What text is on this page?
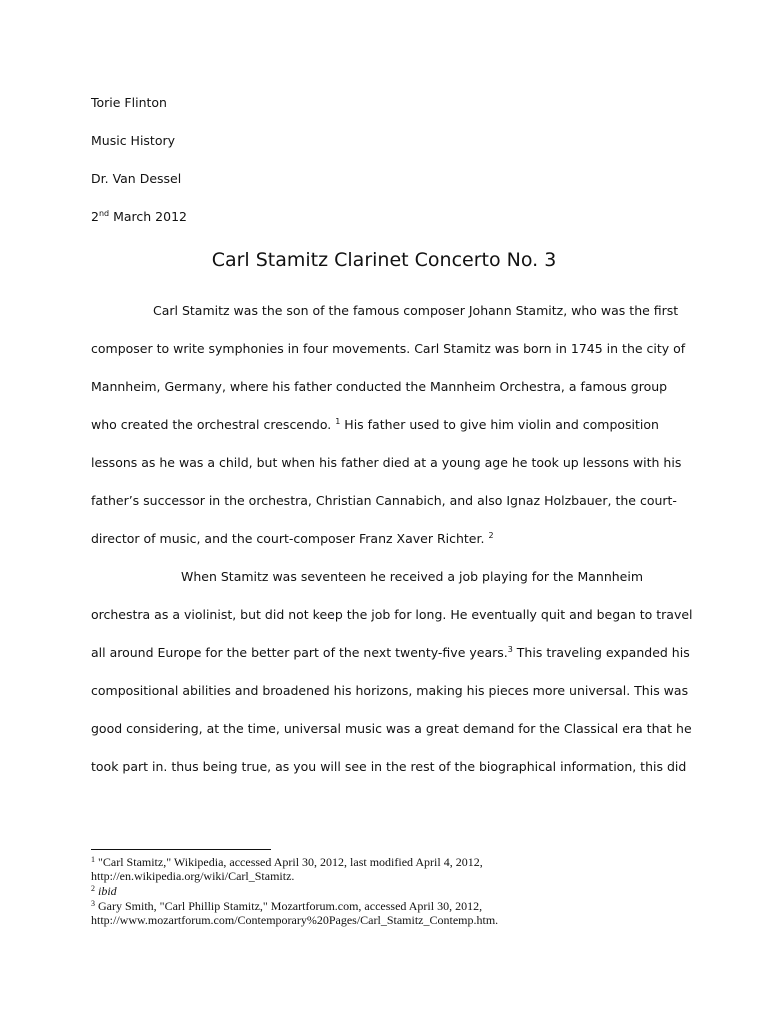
Torie Flinton
Music History
Dr. Van Dessel
2nd March 2012
Carl Stamitz Clarinet Concerto No. 3
Carl Stamitz was the son of the famous composer Johann Stamitz, who was the first
composer to write symphonies in four movements. Carl Stamitz was born in 1745 in the city of
Mannheim, Germany, where his father conducted the Mannheim Orchestra, a famous group
who created the orchestral crescendo. $^1$ His father used to give him violin and composition
lessons as he was a child, but when his father died at a young age he took up lessons with his
father’s successor in the orchestra, Christian Cannabich, and also Ignaz Holzbauer, the court-
director of music, and the court-composer Franz Xaver Richter. $^2$
When Stamitz was seventeen he received a job playing for the Mannheim
orchestra as a violinist, but did not keep the job for long. He eventually quit and began to travel
all around Europe for the better part of the next twenty-five years.$^3$ This traveling expanded his
compositional abilities and broadened his horizons, making his pieces more universal. This was
good considering, at the time, universal music was a great demand for the Classical era that he
took part in. thus being true, as you will see in the rest of the biographical information, this did
$^1$ "Carl Stamitz," Wikipedia, accessed April 30, 2012, last modified April 4, 2012,
http://en.wikipedia.org/wiki/Carl_Stamitz.
$^2$ ibid
$^3$ Gary Smith, "Carl Phillip Stamitz," Mozartforum.com, accessed April 30, 2012,
http://www.mozartforum.com/Contemporary%20Pages/Carl_Stamitz_Contemp.htm.
